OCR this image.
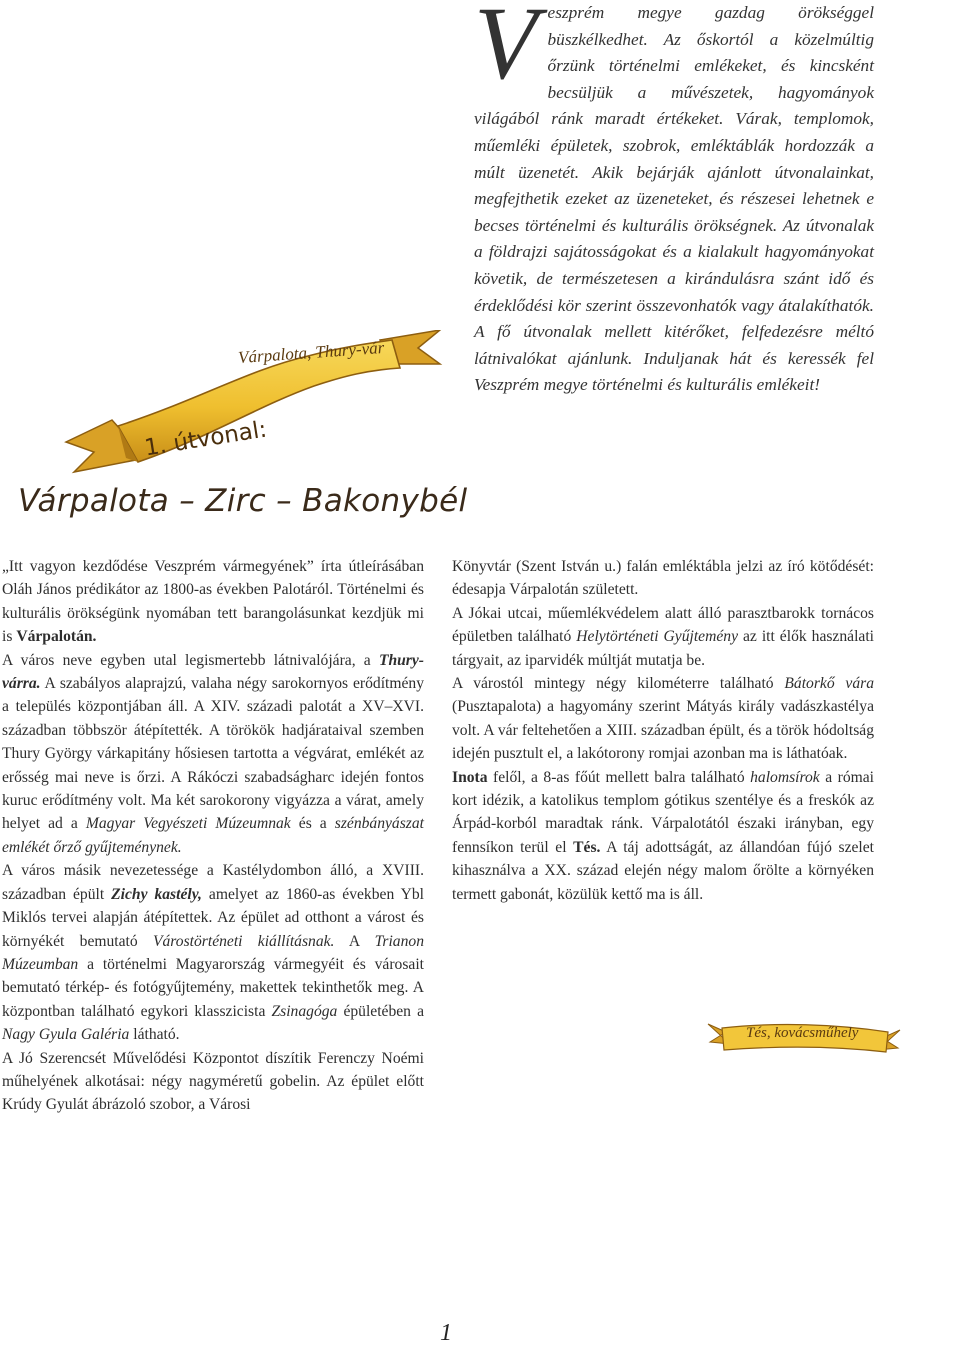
V eszprém megye gazdag örökséggel büszkélkedhet. Az őskortól a közelmúltig őrzünk történelmi emlékeket, és kincsként becsüljük a művészetek, hagyományok világából ránk maradt értékeket. Várak, templomok, műemléki épületek, szobrok, emléktáblák hordozzák a múlt üzenetét. Akik bejárják ajánlott útvonalainkat, megfejthetik ezeket az üzeneteket, és részesei lehetnek e becses történelmi és kulturális örökségnek. Az útvonalak a földrajzi sajátosságokat és a kialakult hagyományokat követik, de természetesen a kirándulásra szánt idő és érdeklődési kör szerint összevonhatók vagy átalakíthatók. A fő útvonalak mellett kitérőket, felfedezésre méltó látnivalókat ajánlunk. Induljanak hát és keressék fel Veszprém megye történelmi és kulturális emlékeit!

Várpalota, Thury-vár
1. útvonal:
Várpalota – Zirc – Bakonybél

„Itt vagyon kezdődése Veszprém vármegyének” írta útleírásában Oláh János prédikátor az 1800-as években Palotáról. Történelmi és kulturális örökségünk nyomában tett barangolásunkat kezdjük mi is Várpalotán.

A város neve egyben utal legismertebb látnivalójára, a Thury-várra. A szabályos alaprajzú, valaha négy sarokornyos erődítmény a település központjában áll. A XIV. századi palotát a XV–XVI. században többször átépítették. A törökök hadjárataival szemben Thury György várkapitány hősiesen tartotta a végvárat, emlékét az erősség mai neve is őrzi. A Rákóczi szabadságharc idején fontos kuruc erődítmény volt. Ma két sarokorony vigyázza a várat, amely helyet ad a Magyar Vegyészeti Múzeumnak és a szénbányászat emlékét őrző gyűjteménynek.

A város másik nevezetessége a Kastélydombon álló, a XVIII. században épült Zichy kastély, amelyet az 1860-as években Ybl Miklós tervei alapján átépítettek. Az épület ad otthont a várost és környékét bemutató Várostörténeti kiállításnak. A Trianon Múzeumban a történelmi Magyarország vármegyéit és városait bemutató térkép- és fotógyűjtemény, makettek tekinthetők meg. A központban található egykori klasszicista Zsinagóga épületében a Nagy Gyula Galéria látható.

A Jó Szerencsét Művelődési Központot díszítik Ferenczy Noémi műhelyének alkotásai: négy nagyméretű gobelin. Az épület előtt Krúdy Gyulát ábrázoló szobor, a Városi

Könyvtár (Szent István u.) falán emléktábla jelzi az író kötődését: édesapja Várpalotán született.

A Jókai utcai, műemlékvédelem alatt álló parasztbarokk tornácos épületben található Helytörténeti Gyűjtemény az itt élők használati tárgyait, az iparvidék múltját mutatja be.

A várostól mintegy négy kilométerre található Bátorkő vára (Pusztapalota) a hagyomány szerint Mátyás király vadászkastélya volt. A vár feltehetően a XIII. században épült, és a török hódoltság idején pusztult el, a lakótorony romjai azonban ma is láthatóak.

Inota felől, a 8-as főút mellett balra található halomsírok a római kort idézik, a katolikus templom gótikus szentélye és a freskók az Árpád-korból maradtak ránk. Várpalotától északi irányban, egy fennsíkon terül el Tés. A táj adottságát, az állandóan fújó szelet kihasználva a XX. század elején négy malom őrölte a környéken termett gabonát, közülük kettő ma is áll.

Tés, kovácsműhely
1
